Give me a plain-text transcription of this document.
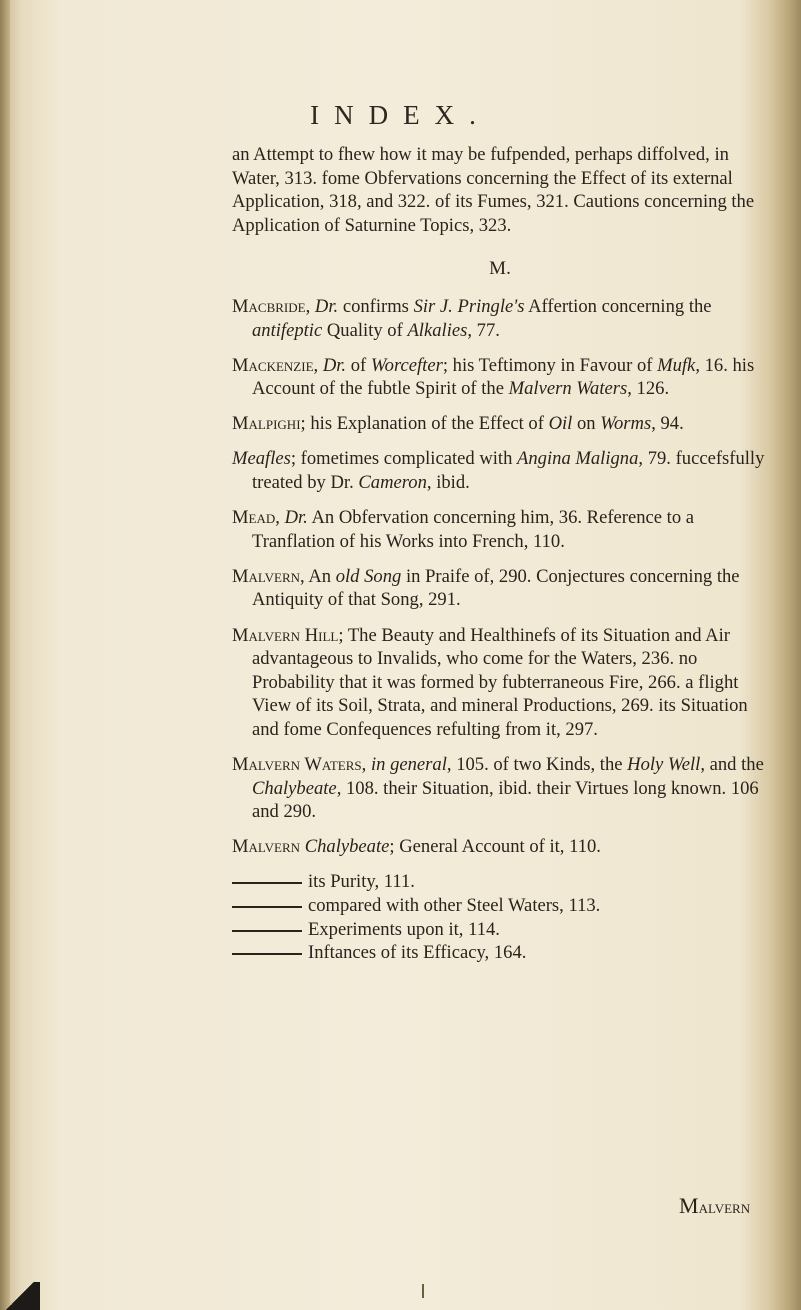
INDEX.

an Attempt to fhew how it may be fufpended, perhaps diffolved, in Water, 313. fome Obfervations concerning the Effect of its external Application, 318, and 322. of its Fumes, 321. Cautions concerning the Application of Saturnine Topics, 323.

M.

Macbride, Dr. confirms Sir J. Pringle's Affertion concerning the antifeptic Quality of Alkalies, 77.

Mackenzie, Dr. of Worcefter; his Teftimony in Favour of Mufk, 16. his Account of the fubtle Spirit of the Malvern Waters, 126.

Malpighi; his Explanation of the Effect of Oil on Worms, 94.

Meafles; fometimes complicated with Angina Maligna, 79. fuccefsfully treated by Dr. Cameron, ibid.

Mead, Dr. An Obfervation concerning him, 36. Reference to a Tranflation of his Works into French, 110.

Malvern, An old Song in Praife of, 290. Conjectures concerning the Antiquity of that Song, 291.

Malvern Hill; The Beauty and Healthinefs of its Situation and Air advantageous to Invalids, who come for the Waters, 236. no Probability that it was formed by fubterraneous Fire, 266. a flight View of its Soil, Strata, and mineral Productions, 269. its Situation and fome Confequences refulting from it, 297.

Malvern Waters, in general, 105. of two Kinds, the Holy Well, and the Chalybeate, 108. their Situation, ibid. their Virtues long known. 106 and 290.

Malvern Chalybeate; General Account of it, 110.

its Purity, 111.

compared with other Steel Waters, 113.

Experiments upon it, 114.

Inftances of its Efficacy, 164.

Malvern
